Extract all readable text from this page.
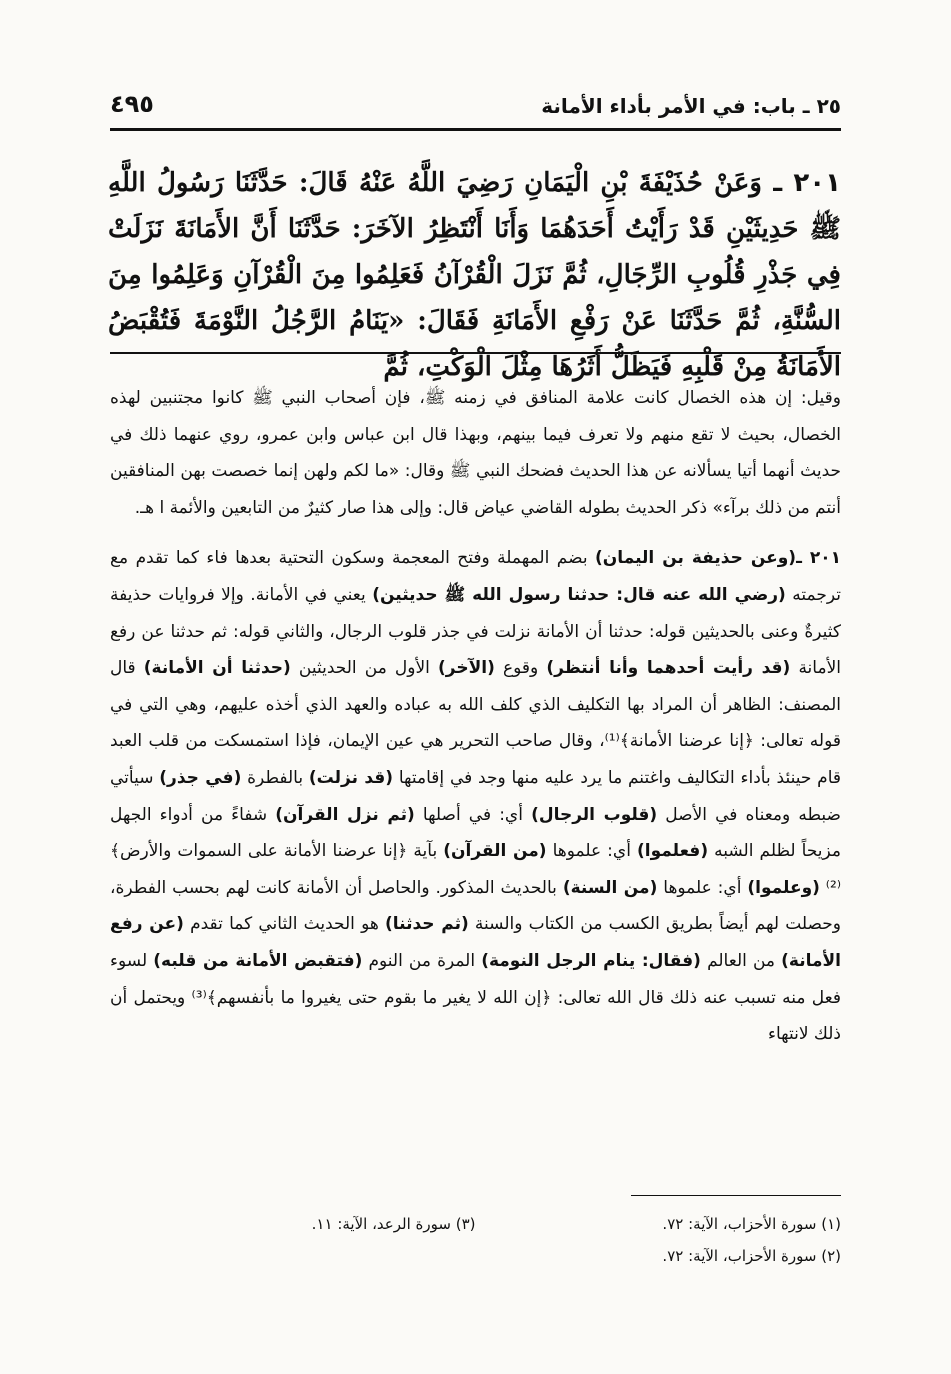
٢٥ ـ باب: في الأمر بأداء الأمانة
٤٩٥
٢٠١ ـ وَعَنْ حُذَيْفَةَ بْنِ الْيَمَانِ رَضِيَ اللَّهُ عَنْهُ قَالَ: حَدَّثَنَا رَسُولُ اللَّهِ ﷺ حَدِيثَيْنِ قَدْ رَأَيْتُ أَحَدَهُمَا وَأَنَا أَنْتَظِرُ الآخَرَ: حَدَّثَنَا أَنَّ الأَمَانَةَ نَزَلَتْ فِي جَذْرِ قُلُوبِ الرِّجَالِ، ثُمَّ نَزَلَ الْقُرْآنُ فَعَلِمُوا مِنَ الْقُرْآنِ وَعَلِمُوا مِنَ السُّنَّةِ، ثُمَّ حَدَّثَنَا عَنْ رَفْعِ الأَمَانَةِ فَقَالَ: «يَنَامُ الرَّجُلُ النَّوْمَةَ فَتُقْبَضُ الأَمَانَةُ مِنْ قَلْبِهِ فَيَظَلُّ أَثَرُهَا مِثْلَ الْوَكْتِ، ثُمَّ

وقيل: إن هذه الخصال كانت علامة المنافق في زمنه ﷺ، فإن أصحاب النبي ﷺ كانوا مجتنبين لهذه الخصال، بحيث لا تقع منهم ولا تعرف فيما بينهم، وبهذا قال ابن عباس وابن عمرو، روي عنهما ذلك في حديث أنهما أتيا يسألانه عن هذا الحديث فضحك النبي ﷺ وقال: «ما لكم ولهن إنما خصصت بهن المنافقين أنتم من ذلك برآء» ذكر الحديث بطوله القاضي عياض قال: وإلى هذا صار كثيرٌ من التابعين والأئمة ا هـ.

٢٠١ ـ(وعن حذيفة بن اليمان) بضم المهملة وفتح المعجمة وسكون التحتية بعدها فاء كما تقدم مع ترجمته (رضي الله عنه قال: حدثنا رسول الله ﷺ حديثين) يعني في الأمانة. وإلا فروايات حذيفة كثيرةٌ وعنى بالحديثين قوله: حدثنا أن الأمانة نزلت في جذر قلوب الرجال، والثاني قوله: ثم حدثنا عن رفع الأمانة (قد رأيت أحدهما وأنا أنتظر) وقوع (الآخر) الأول من الحديثين (حدثنا أن الأمانة) قال المصنف: الظاهر أن المراد بها التكليف الذي كلف الله به عباده والعهد الذي أخذه عليهم، وهي التي في قوله تعالى: ﴿إنا عرضنا الأمانة﴾⁽¹⁾، وقال صاحب التحرير هي عين الإيمان، فإذا استمسكت من قلب العبد قام حينئذ بأداء التكاليف واغتنم ما يرد عليه منها وجد في إقامتها (قد نزلت) بالفطرة (في جذر) سيأتي ضبطه ومعناه في الأصل (قلوب الرجال) أي: في أصلها (ثم نزل القرآن) شفاءً من أدواء الجهل مزيحاً لظلم الشبه (فعلموا) أي: علموها (من القرآن) بآية ﴿إنا عرضنا الأمانة على السموات والأرض﴾⁽²⁾ (وعلموا) أي: علموها (من السنة) بالحديث المذكور. والحاصل أن الأمانة كانت لهم بحسب الفطرة، وحصلت لهم أيضاً بطريق الكسب من الكتاب والسنة (ثم حدثنا) هو الحديث الثاني كما تقدم (عن رفع الأمانة) من العالم (فقال: ينام الرجل النومة) المرة من النوم (فتقبض الأمانة من قلبه) لسوء فعل منه تسبب عنه ذلك قال الله تعالى: ﴿إن الله لا يغير ما بقوم حتى يغيروا ما بأنفسهم﴾⁽³⁾ ويحتمل أن ذلك لانتهاء

(١) سورة الأحزاب، الآية: ٧٢.
(٣) سورة الرعد، الآية: ١١.
(٢) سورة الأحزاب، الآية: ٧٢.
